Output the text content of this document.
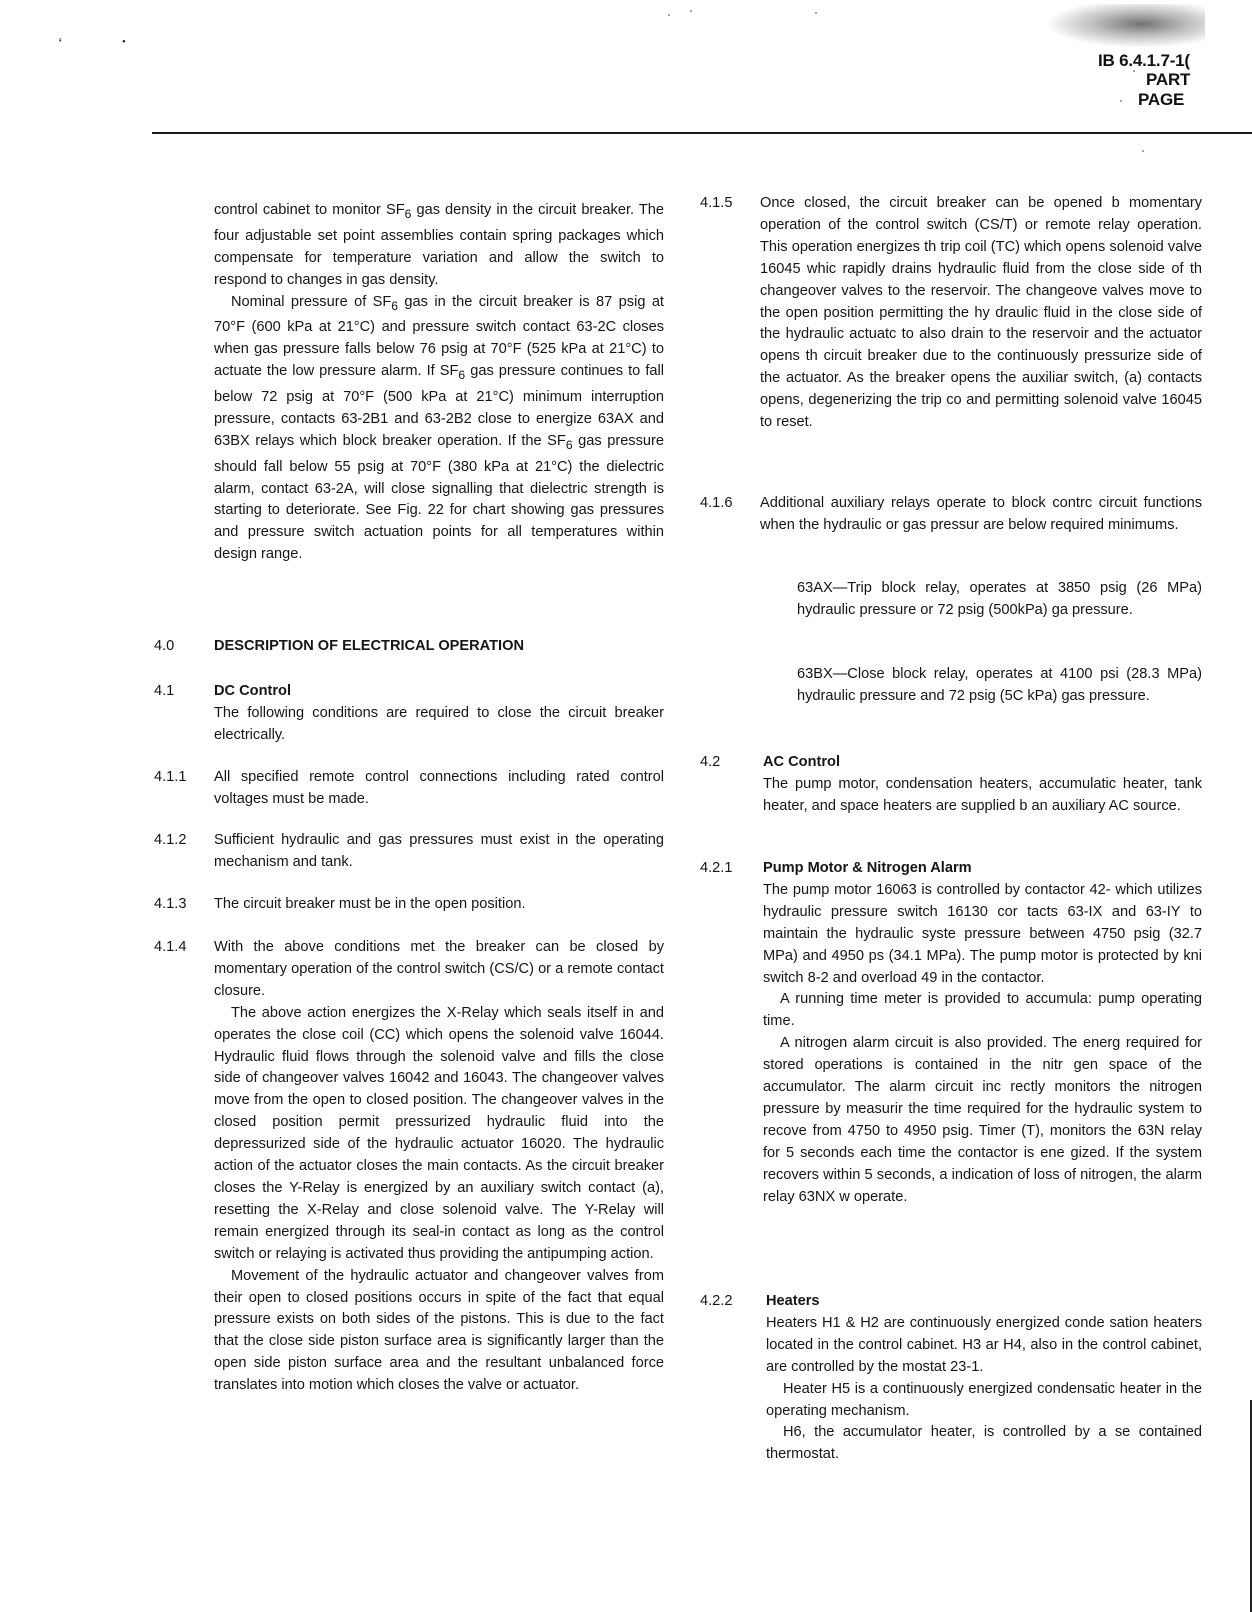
‘	•
IB 6.4.1.7-1(
PART
PAGE

control cabinet to monitor $SF_6$ gas density in the circuit breaker. The four adjustable set point assemblies contain spring packages which compensate for temperature variation and allow the switch to respond to changes in gas density.

Nominal pressure of $SF_6$ gas in the circuit breaker is 87 psig at 70°F (600 kPa at 21°C) and pressure switch contact 63-2C closes when gas pressure falls below 76 psig at 70°F (525 kPa at 21°C) to actuate the low pressure alarm. If $SF_6$ gas pressure continues to fall below 72 psig at 70°F (500 kPa at 21°C) minimum interruption pressure, contacts 63-2B1 and 63-2B2 close to energize 63AX and 63BX relays which block breaker operation. If the $SF_6$ gas pressure should fall below 55 psig at 70°F (380 kPa at 21°C) the dielectric alarm, contact 63-2A, will close signalling that dielectric strength is starting to deteriorate. See Fig. 22 for chart showing gas pressures and pressure switch actuation points for all temperatures within design range.

4.0	DESCRIPTION OF ELECTRICAL OPERATION
4.1	DC Control

The following conditions are required to close the circuit breaker electrically.

4.1.1 All specified remote control connections including rated control voltages must be made.

4.1.2 Sufficient hydraulic and gas pressures must exist in the operating mechanism and tank.

4.1.3 The circuit breaker must be in the open position.

4.1.4 With the above conditions met the breaker can be closed by momentary operation of the control switch (CS/C) or a remote contact closure.

The above action energizes the X-Relay which seals itself in and operates the close coil (CC) which opens the solenoid valve 16044. Hydraulic fluid flows through the solenoid valve and fills the close side of changeover valves 16042 and 16043. The changeover valves move from the open to closed position. The changeover valves in the closed position permit pressurized hydraulic fluid into the depressurized side of the hydraulic actuator 16020. The hydraulic action of the actuator closes the main contacts. As the circuit breaker closes the Y-Relay is energized by an auxiliary switch contact (a), resetting the X-Relay and close solenoid valve. The Y-Relay will remain energized through its seal-in contact as long as the control switch or relaying is activated thus providing the antipumping action.

Movement of the hydraulic actuator and changeover valves from their open to closed positions occurs in spite of the fact that equal pressure exists on both sides of the pistons. This is due to the fact that the close side piston surface area is significantly larger than the open side piston surface area and the resultant unbalanced force translates into motion which closes the valve or actuator.

4.1.5 Once closed, the circuit breaker can be opened b momentary operation of the control switch (CS/T) or remote relay operation. This operation energizes th trip coil (TC) which opens solenoid valve 16045 whic rapidly drains hydraulic fluid from the close side of th changeover valves to the reservoir. The changeove valves move to the open position permitting the hy draulic fluid in the close side of the hydraulic actuatc to also drain to the reservoir and the actuator opens th circuit breaker due to the continuously pressurize side of the actuator. As the breaker opens the auxiliar switch, (a) contacts opens, degenerizing the trip co and permitting solenoid valve 16045 to reset.

4.1.6 Additional auxiliary relays operate to block contrc circuit functions when the hydraulic or gas pressur are below required minimums.

63AX—Trip block relay, operates at 3850 psig (26 MPa) hydraulic pressure or 72 psig (500kPa) ga pressure.

63BX—Close block relay, operates at 4100 psi (28.3 MPa) hydraulic pressure and 72 psig (5C kPa) gas pressure.

4.2	AC Control

The pump motor, condensation heaters, accumulatic heater, tank heater, and space heaters are supplied b an auxiliary AC source.

4.2.1 Pump Motor & Nitrogen Alarm

The pump motor 16063 is controlled by contactor 42- which utilizes hydraulic pressure switch 16130 cor tacts 63-IX and 63-IY to maintain the hydraulic syste pressure between 4750 psig (32.7 MPa) and 4950 ps (34.1 MPa). The pump motor is protected by kni switch 8-2 and overload 49 in the contactor.

A running time meter is provided to accumula: pump operating time.

A nitrogen alarm circuit is also provided. The energ required for stored operations is contained in the nitr gen space of the accumulator. The alarm circuit inc rectly monitors the nitrogen pressure by measurir the time required for the hydraulic system to recove from 4750 to 4950 psig. Timer (T), monitors the 63N relay for 5 seconds each time the contactor is ene gized. If the system recovers within 5 seconds, a indication of loss of nitrogen, the alarm relay 63NX w operate.

4.2.2 Heaters

Heaters H1 & H2 are continuously energized conde sation heaters located in the control cabinet. H3 ar H4, also in the control cabinet, are controlled by the mostat 23-1.

Heater H5 is a continuously energized condensatic heater in the operating mechanism.

H6, the accumulator heater, is controlled by a se contained thermostat.
